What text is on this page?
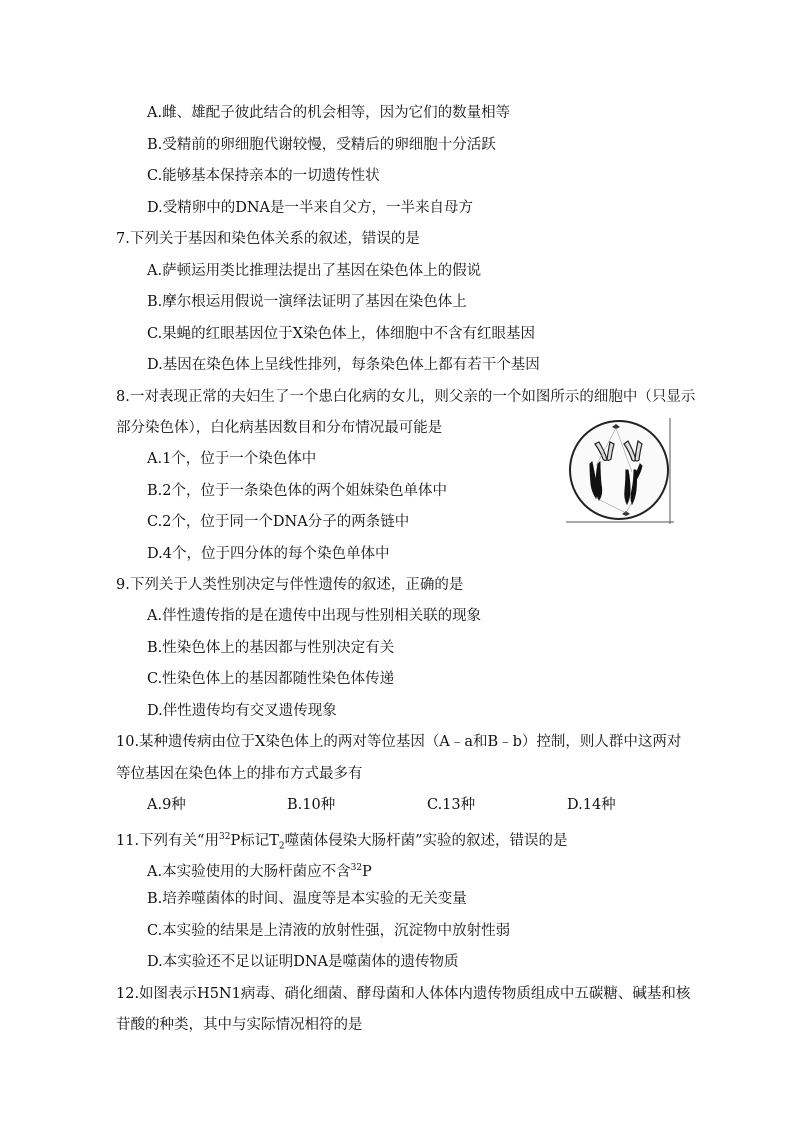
A.雌、雄配子彼此结合的机会相等，因为它们的数量相等
B.受精前的卵细胞代谢较慢，受精后的卵细胞十分活跃
C.能够基本保持亲本的一切遗传性状
D.受精卵中的DNA是一半来自父方，一半来自母方
7.下列关于基因和染色体关系的叙述，错误的是
A.萨顿运用类比推理法提出了基因在染色体上的假说
B.摩尔根运用假说一演绎法证明了基因在染色体上
C.果蝇的红眼基因位于X染色体上，体细胞中不含有红眼基因
D.基因在染色体上呈线性排列，每条染色体上都有若干个基因
8.一对表现正常的夫妇生了一个患白化病的女儿，则父亲的一个如图所示的细胞中（只显示
部分染色体），白化病基因数目和分布情况最可能是
A.1个，位于一个染色体中
B.2个，位于一条染色体的两个姐妹染色单体中
C.2个，位于同一个DNA分子的两条链中
D.4个，位于四分体的每个染色单体中
9.下列关于人类性别决定与伴性遗传的叙述，正确的是
A.伴性遗传指的是在遗传中出现与性别相关联的现象
B.性染色体上的基因都与性别决定有关
C.性染色体上的基因都随性染色体传递
D.伴性遗传均有交叉遗传现象
10.某种遗传病由位于X染色体上的两对等位基因（A﹣a和B﹣b）控制，则人群中这两对
等位基因在染色体上的排布方式最多有
A.9种	B.10种	C.13种	D.14种
11.下列有关“用$^{32}$P标记$T_2$噬菌体侵染大肠杆菌”实验的叙述，错误的是
A.本实验使用的大肠杆菌应不含$^{32}$P
B.培养噬菌体的时间、温度等是本实验的无关变量
C.本实验的结果是上清液的放射性强，沉淀物中放射性弱
D.本实验还不足以证明DNA是噬菌体的遗传物质
12.如图表示H5N1病毒、硝化细菌、酵母菌和人体体内遗传物质组成中五碳糖、碱基和核
苷酸的种类，其中与实际情况相符的是
